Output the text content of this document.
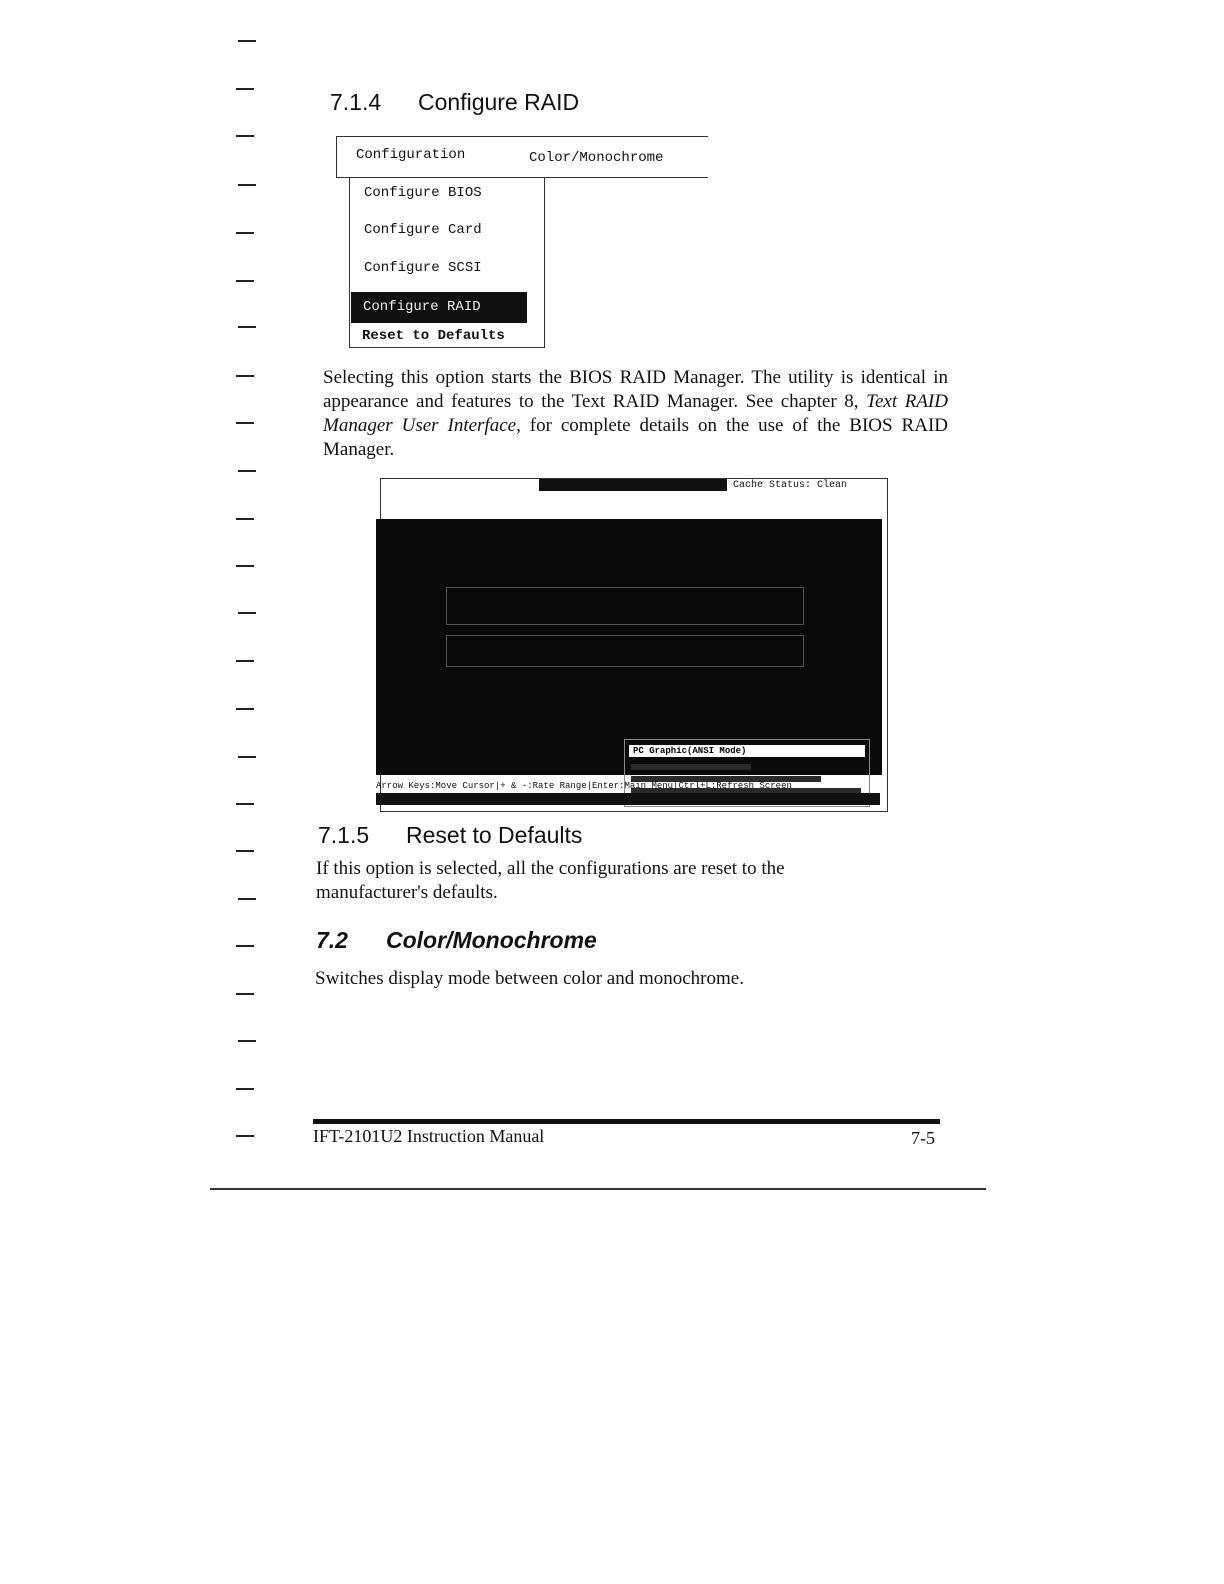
7.1.4 Configure RAID
Configuration	Color/Monochrome
Configure BIOS
Configure Card
Configure SCSI
Configure RAID
Reset to Defaults
Selecting this option starts the BIOS RAID Manager. The utility is identical in appearance and features to the Text RAID Manager. See chapter 8, Text RAID Manager User Interface, for complete details on the use of the BIOS RAID Manager.
Cache Status: Clean
PC Graphic(ANSI Mode)
Arrow Keys:Move Cursor|+ & -:Rate Range|Enter:Main Menu|Ctrl+L:Refresh Screen
7.1.5 Reset to Defaults
If this option is selected, all the configurations are reset to the manufacturer's defaults.
7.2 Color/Monochrome
Switches display mode between color and monochrome.
IFT-2101U2 Instruction Manual	7-5
